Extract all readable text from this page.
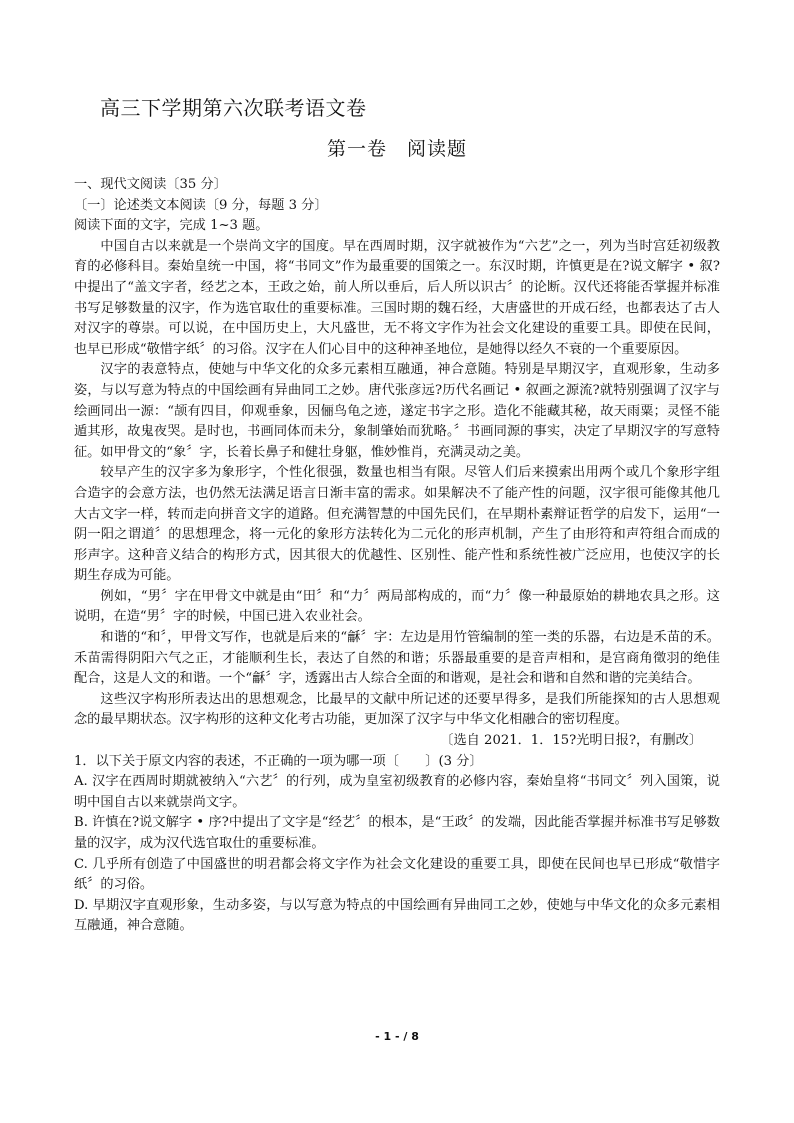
高三下学期第六次联考语文卷
第一卷　阅读题

一、现代文阅读〔35 分〕

〔一〕论述类文本阅读〔9 分，每题 3 分〕

阅读下面的文字，完成 1~3 题。

中国自古以来就是一个崇尚文字的国度。早在西周时期，汉字就被作为“六艺”之一，列为当时宫廷初级教育的必修科目。秦始皇统一中国，将“书同文”作为最重要的国策之一。东汉时期，许慎更是在?说文解字 • 叙?中提出了“盖文字者，经艺之本，王政之始，前人所以垂后，后人所以识古〞的论断。汉代还将能否掌握并标准书写足够数量的汉字，作为选官取仕的重要标准。三国时期的魏石经，大唐盛世的开成石经，也都表达了古人对汉字的尊崇。可以说，在中国历史上，大凡盛世，无不将文字作为社会文化建设的重要工具。即使在民间，也早已形成“敬惜字纸〞的习俗。汉字在人们心目中的这种神圣地位，是她得以经久不衰的一个重要原因。

汉字的表意特点，使她与中华文化的众多元素相互融通，神合意随。特别是早期汉字，直观形象，生动多姿，与以写意为特点的中国绘画有异曲同工之妙。唐代张彦远?历代名画记 • 叙画之源流?就特别强调了汉字与绘画同出一源：“颉有四目，仰观垂象，因俪鸟龟之迹，遂定书字之形。造化不能藏其秘，故天雨粟；灵怪不能遁其形，故鬼夜哭。是时也，书画同体而未分，象制肇始而犹略。〞书画同源的事实，决定了早期汉字的写意特征。如甲骨文的“象〞字，长着长鼻子和健壮身躯，惟妙惟肖，充满灵动之美。

较早产生的汉字多为象形字，个性化很强，数量也相当有限。尽管人们后来摸索出用两个或几个象形字组合造字的会意方法，也仍然无法满足语言日渐丰富的需求。如果解决不了能产性的问题，汉字很可能像其他几大古文字一样，转而走向拼音文字的道路。但充满智慧的中国先民们，在早期朴素辩证哲学的启发下，运用“一阴一阳之谓道〞的思想理念，将一元化的象形方法转化为二元化的形声机制，产生了由形符和声符组合而成的形声字。这种音义结合的构形方式，因其很大的优越性、区别性、能产性和系统性被广泛应用，也使汉字的长期生存成为可能。

例如，“男〞字在甲骨文中就是由“田〞和“力〞两局部构成的，而“力〞像一种最原始的耕地农具之形。这说明，在造“男〞字的时候，中国已进入农业社会。

和谐的“和〞，甲骨文写作，也就是后来的“龢〞字：左边是用竹管编制的笙一类的乐器，右边是禾苗的禾。禾苗需得阴阳六气之正，才能顺利生长，表达了自然的和谐；乐器最重要的是音声相和，是宫商角徵羽的绝佳配合，这是人文的和谐。一个“龢〞字，透露出古人综合全面的和谐观，是社会和谐和自然和谐的完美结合。

这些汉字构形所表达出的思想观念，比最早的文献中所记述的还要早得多，是我们所能探知的古人思想观念的最早期状态。汉字构形的这种文化考古功能，更加深了汉字与中华文化相融合的密切程度。

〔选自 2021．1．15?光明日报?，有删改〕

1．以下关于原文内容的表述，不正确的一项为哪一项〔　　〕(3 分〕

A. 汉字在西周时期就被纳入“六艺〞的行列，成为皇室初级教育的必修内容，秦始皇将“书同文〞列入国策，说明中国自古以来就崇尚文字。

B. 许慎在?说文解字 • 序?中提出了文字是“经艺〞的根本，是“王政〞的发端，因此能否掌握并标准书写足够数量的汉字，成为汉代选官取仕的重要标准。

C. 几乎所有创造了中国盛世的明君都会将文字作为社会文化建设的重要工具，即使在民间也早已形成“敬惜字纸〞的习俗。

D. 早期汉字直观形象，生动多姿，与以写意为特点的中国绘画有异曲同工之妙，使她与中华文化的众多元素相互融通，神合意随。

- 1 - / 8
